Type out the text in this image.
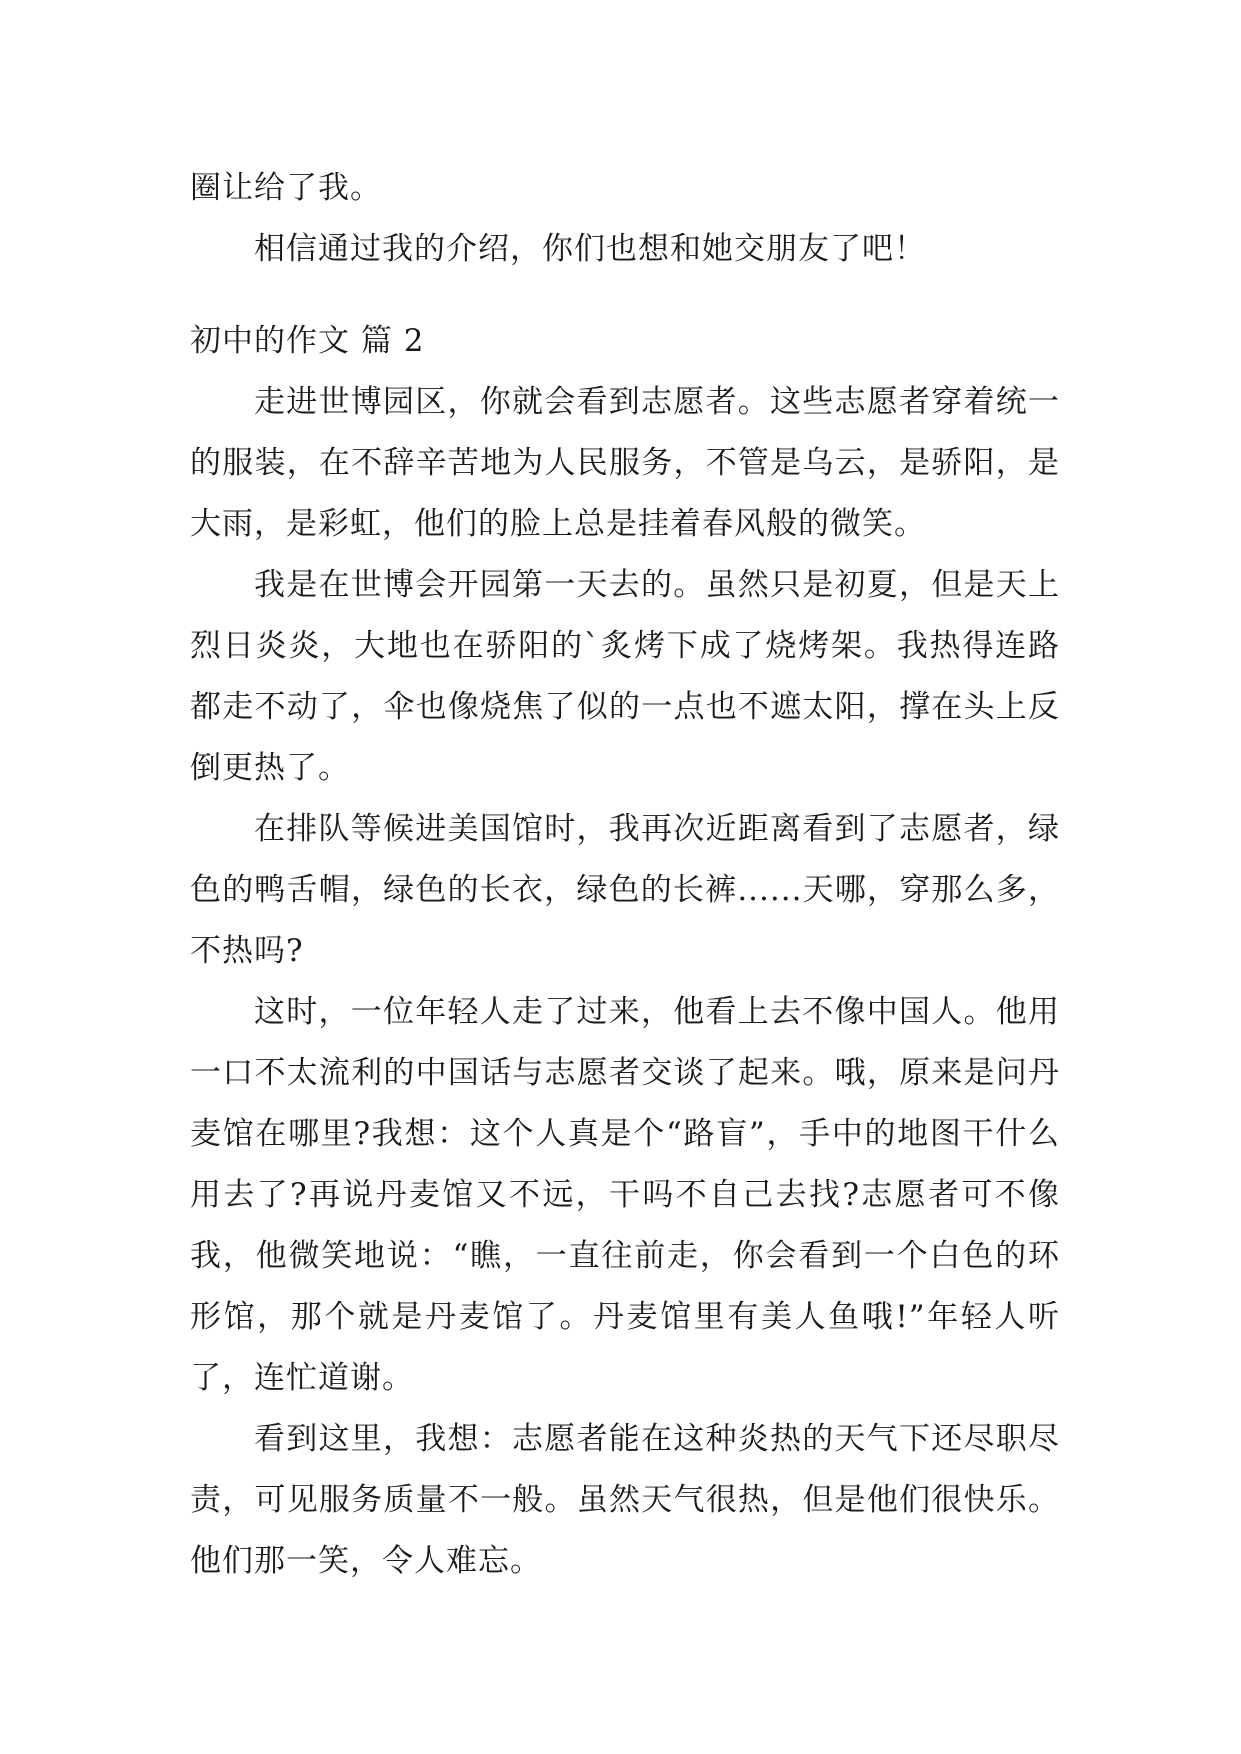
圈让给了我。

相信通过我的介绍，你们也想和她交朋友了吧！

初中的作文 篇 2

走进世博园区，你就会看到志愿者。这些志愿者穿着统一的服装，在不辞辛苦地为人民服务，不管是乌云，是骄阳，是大雨，是彩虹，他们的脸上总是挂着春风般的微笑。

我是在世博会开园第一天去的。虽然只是初夏，但是天上烈日炎炎，大地也在骄阳的`炙烤下成了烧烤架。我热得连路都走不动了，伞也像烧焦了似的一点也不遮太阳，撑在头上反倒更热了。

在排队等候进美国馆时，我再次近距离看到了志愿者，绿色的鸭舌帽，绿色的长衣，绿色的长裤......天哪，穿那么多，不热吗?

这时，一位年轻人走了过来，他看上去不像中国人。他用一口不太流利的中国话与志愿者交谈了起来。哦，原来是问丹麦馆在哪里?我想：这个人真是个“路盲”，手中的地图干什么用去了?再说丹麦馆又不远，干吗不自己去找?志愿者可不像我，他微笑地说：“瞧，一直往前走，你会看到一个白色的环形馆，那个就是丹麦馆了。丹麦馆里有美人鱼哦!”年轻人听了，连忙道谢。

看到这里，我想：志愿者能在这种炎热的天气下还尽职尽责，可见服务质量不一般。虽然天气很热，但是他们很快乐。他们那一笑，令人难忘。
